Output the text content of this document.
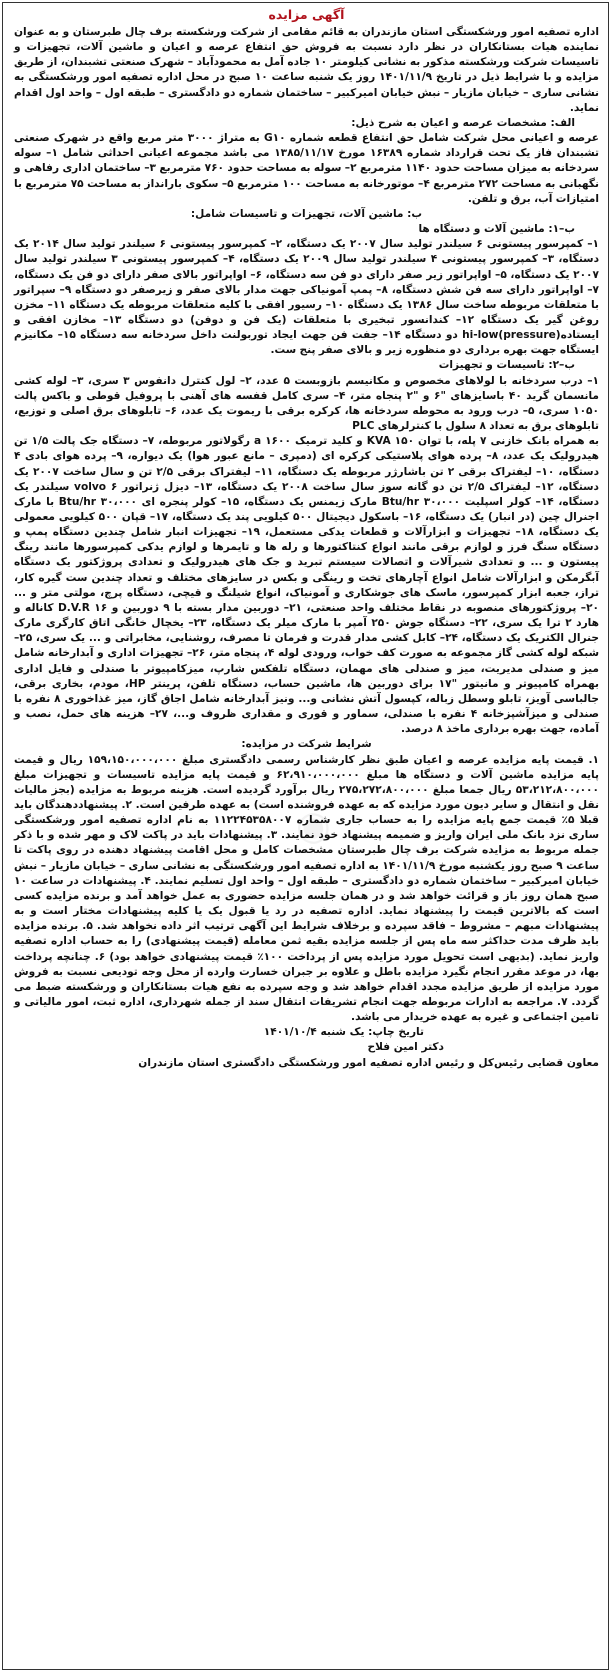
◉
آگهی مزایده

اداره تصفیه امور ورشکستگی استان مازندران به قائم مقامی از شرکت ورشکسته برف چال طبرستان و به عنوان نماینده هیات بستانکاران در نظر دارد نسبت به فروش حق انتفاع عرصه و اعیان و ماشین آلات، تجهیزات و تاسیسات شرکت ورشکسته مذکور به نشانی کیلومتر ۱۰ جاده آمل به محمودآباد – شهرک صنعتی تشبندان، از طریق مزایده و با شرایط ذیل در تاریخ ۱۴۰۱/۱۱/۹ روز یک شنبه ساعت ۱۰ صبح در محل اداره تصفیه امور ورشکستگی به نشانی ساری – خیابان مازیار – نبش خیابان امیرکبیر – ساختمان شماره دو دادگستری – طبقه اول – واحد اول اقدام نماید.

الف: مشخصات عرصه و اعیان به شرح ذیل:

عرصه و اعیانی محل شرکت شامل حق انتفاع قطعه شماره G۱۰ به متراژ ۳۰۰۰ متر مربع واقع در شهرک صنعتی تشبندان فاز یک تحت قرارداد شماره ۱۶۳۸۹ مورخ ۱۳۸۵/۱۱/۱۷ می باشد مجموعه اعیانی احداثی شامل ۱– سوله سردخانه به میزان مساحت حدود ۱۱۴۰ مترمربع ۲– سوله به مساحت حدود ۷۶۰ مترمربع ۳– ساختمان اداری رفاهی و نگهبانی به مساحت ۲۷۲ مترمربع ۴– موتورخانه به مساحت ۱۰۰ مترمربع ۵– سکوی بارانداز به مساحت ۷۵ مترمربع با امتیازات آب، برق و تلفن.

ب: ماشین آلات، تجهیزات و تاسیسات شامل:

ب–۱: ماشین آلات و دستگاه ها

۱– کمپرسور پیستونی ۶ سیلندر تولید سال ۲۰۰۷ یک دستگاه، ۲– کمپرسور پیستونی ۶ سیلندر تولید سال ۲۰۱۴ یک دستگاه، ۳– کمپرسور پیستونی ۴ سیلندر تولید سال ۲۰۰۹ یک دستگاه، ۴– کمپرسور پیستونی ۳ سیلندر تولید سال ۲۰۰۷ یک دستگاه، ۵– اواپراتور زیر صفر دارای دو فن سه دستگاه، ۶– اواپراتور بالای صفر دارای دو فن یک دستگاه، ۷– اواپراتور دارای سه فن شش دستگاه، ۸– پمپ آمونیاکی جهت مدار بالای صفر و زیرصفر دو دستگاه ۹– سپراتور با متعلقات مربوطه ساخت سال ۱۳۸۶ یک دستگاه ۱۰– رسیور افقی با کلیه متعلقات مربوطه یک دستگاه ۱۱– مخزن روغن گیر یک دستگاه ۱۲– کندانسور تبخیری با متعلقات (یک فن و دوفن) دو دستگاه ۱۳– مخازن افقی و ایستاده(hi-low(pressure دو دستگاه ۱۴– جفت فن جهت ایجاد توربولنت داخل سردخانه سه دستگاه ۱۵– مکانیزم ایستگاه جهت بهره برداری دو منظوره زیر و بالای صفر پنج ست.

ب–۲: تاسیسات و تجهیزات

۱– درب سردخانه با لولاهای مخصوص و مکانیسم بازوبست ۵ عدد، ۲– لول کنترل دانفوس ۳ سری، ۳– لوله کشی مانسمان گرید ۴۰ باسایزهای "۶ و "۲ پنجاه متر، ۴– سری کامل قفسه های آهنی با پروفیل قوطی و باکس پالت ۱۰۵۰ سری، ۵– درب ورود به محوطه سردخانه ها، کرکره برقی با ریموت یک عدد، ۶– تابلوهای برق اصلی و توزیع، تابلوهای برق به تعداد ۸ سلول با کنترلرهای PLC

به همراه بانک خازنی ۷ پله، با توان ۱۵۰ KVA و کلید ترمیک a ۱۶۰۰ رگولاتور مربوطه، ۷– دستگاه جک پالت ۱/۵ تن هیدرولیک یک عدد، ۸– پرده هوای پلاستیکی کرکره ای (دمپری – مانع عبور هوا) یک دیواره، ۹– پرده هوای بادی ۴ دستگاه، ۱۰– لیفتراک برقی ۲ تن باشارژر مربوطه یک دستگاه، ۱۱– لیفتراک برقی ۲/۵ تن و سال ساخت ۲۰۰۷ یک دستگاه، ۱۲– لیفتراک ۲/۵ تن دو گانه سوز سال ساخت ۲۰۰۸ یک دستگاه، ۱۳– دیزل ژنراتور volvo ۶ سیلندر یک دستگاه، ۱۴– کولر اسپلیت Btu/hr ۳۰،۰۰۰ مارک زیمنس یک دستگاه، ۱۵– کولر پنجره ای Btu/hr ۳۰،۰۰۰ با مارک اجنرال چین (در انبار) یک دستگاه، ۱۶– باسکول دیجیتال ۵۰۰ کیلویی پند یک دستگاه، ۱۷– قپان ۵۰۰ کیلویی معمولی یک دستگاه، ۱۸– تجهیزات و ابزارآلات و قطعات یدکی مستعمل، ۱۹– تجهیزات انبار شامل چندین دستگاه پمپ و دستگاه سنگ فرز و لوازم برقی مانند انواع کنتاکتورها و رله ها و تایمرها و لوازم یدکی کمپرسورها مانند رینگ پیستون و ... و تعدادی شیرآلات و اتصالات سیستم تبرید و جک های هیدرولیک و تعدادی پروژکتور یک دستگاه آبگرمکن و ابزارآلات شامل انواع آچارهای تخت و رینگی و بکس در سایزهای مختلف و تعداد چندین ست گیره کار، تراز، جعبه ابزار کمپرسور، ماسک های جوشکاری و آمونیاک، انواع شیلنگ و قیچی، دستگاه پرچ، مولتی متر و ... ۲۰– پروژکتورهای منصوبه در نقاط مختلف واحد صنعتی، ۲۱– دوربین مدار بسته با ۹ دوربین و D.V.R ۱۶ کاناله و هارد ۲ ترا یک سری، ۲۲– دستگاه جوش ۲۵۰ آمپر با مارک میلر یک دستگاه، ۲۳– یخچال خانگی اتاق کارگری مارک جنرال الکتریک یک دستگاه، ۲۴– کابل کشی مدار قدرت و فرمان تا مصرف، روشنایی، مخابراتی و ... یک سری، ۲۵– شبکه لوله کشی گاز مجموعه به صورت کف خواب، ورودی لوله ۴، پنجاه متر، ۲۶– تجهیزات اداری و آبدارخانه شامل میز و صندلی مدیریت، میز و صندلی های مهمان، دستگاه تلفکس شارپ، میزکامپیوتر با صندلی و فایل اداری بهمراه کامپیوتر و مانیتور "۱۷ برای دوربین ها، ماشین حساب، دستگاه تلفن، پرینتر HP، مودم، بخاری برقی، جالباسی آویز، تابلو وسطل زباله، کپسول آتش نشانی و... ونیز آبدارخانه شامل اجاق گاز، میز غذاخوری ۸ نفره با صندلی و میزآشپزخانه ۴ نفره با صندلی، سماور و قوری و مقداری ظروف و...، ۲۷– هزینه های حمل، نصب و آماده، جهت بهره برداری ماخذ ۸ درصد.

شرایط شرکت در مزایده:

۱. قیمت پایه مزایده عرصه و اعیان طبق نظر کارشناس رسمی دادگستری مبلغ ۱۵۹،۱۵۰،۰۰۰،۰۰۰ ریال و قیمت پایه مزایده ماشین آلات و دستگاه ها مبلغ ۶۲،۹۱۰،۰۰۰،۰۰۰ و قیمت پایه مزایده تاسیسات و تجهیزات مبلغ ۵۳،۲۱۲،۸۰۰،۰۰۰ ریال جمعا مبلغ ۲۷۵،۲۷۲،۸۰۰،۰۰۰ ریال برآورد گردیده است. هزینه مربوط به مزایده (بجز مالیات نقل و انتقال و سایر دیون مورد مزایده که به عهده فروشنده است) به عهده طرفین است. ۲. پیشنهاددهندگان باید قبلا ۵٪ قیمت جمع پایه مزایده را به حساب جاری شماره ۱۱۲۲۴۵۳۵۸۰۰۷ به نام اداره تصفیه امور ورشکستگی ساری نزد بانک ملی ایران واریز و ضمیمه پیشنهاد خود نمایند. ۳. پیشنهادات باید در پاکت لاک و مهر شده و با ذکر جمله مربوط به مزایده شرکت برف چال طبرستان مشخصات کامل و محل اقامت پیشنهاد دهنده در روی پاکت تا ساعت ۹ صبح روز یکشنبه مورخ ۱۴۰۱/۱۱/۹ به اداره تصفیه امور ورشکستگی به نشانی ساری – خیابان مازیار – نبش خیابان امیرکبیر – ساختمان شماره دو دادگستری – طبقه اول – واحد اول تسلیم نمایند. ۴. پیشنهادات در ساعت ۱۰ صبح همان روز باز و قرائت خواهد شد و در همان جلسه مزایده حضوری به عمل خواهد آمد و برنده مزایده کسی است که بالاترین قیمت را پیشنهاد نماید. اداره تصفیه در رد یا قبول یک یا کلیه پیشنهادات مختار است و به پیشنهادات مبهم – مشروط – فاقد سپرده و برخلاف شرایط این آگهی ترتیب اثر داده نخواهد شد. ۵. برنده مزایده باید ظرف مدت حداکثر سه ماه پس از جلسه مزایده بقیه ثمن معامله (قیمت پیشنهادی) را به حساب اداره تصفیه واریز نماید. (بدیهی است تحویل مورد مزایده پس از پرداخت ۱۰۰٪ قیمت پیشنهادی خواهد بود) ۶. چنانچه پرداخت بها، در موعد مقرر انجام نگیرد مزایده باطل و علاوه بر جبران خسارت وارده از محل وجه تودیعی نسبت به فروش مورد مزایده از طریق مزایده مجدد اقدام خواهد شد و وجه سپرده به نفع هیات بستانکاران و ورشکسته ضبط می گردد. ۷. مراجعه به ادارات مربوطه جهت انجام تشریفات انتقال سند از جمله شهرداری، اداره ثبت، امور مالیاتی و تامین اجتماعی و غیره به عهده خریدار می باشد.

تاریخ چاپ: یک شنبه ۱۴۰۱/۱۰/۴

دکتر امین فلاح

معاون قضایی رئیس‌کل و رئیس اداره تصفیه امور ورشکستگی دادگستری استان مازندران
